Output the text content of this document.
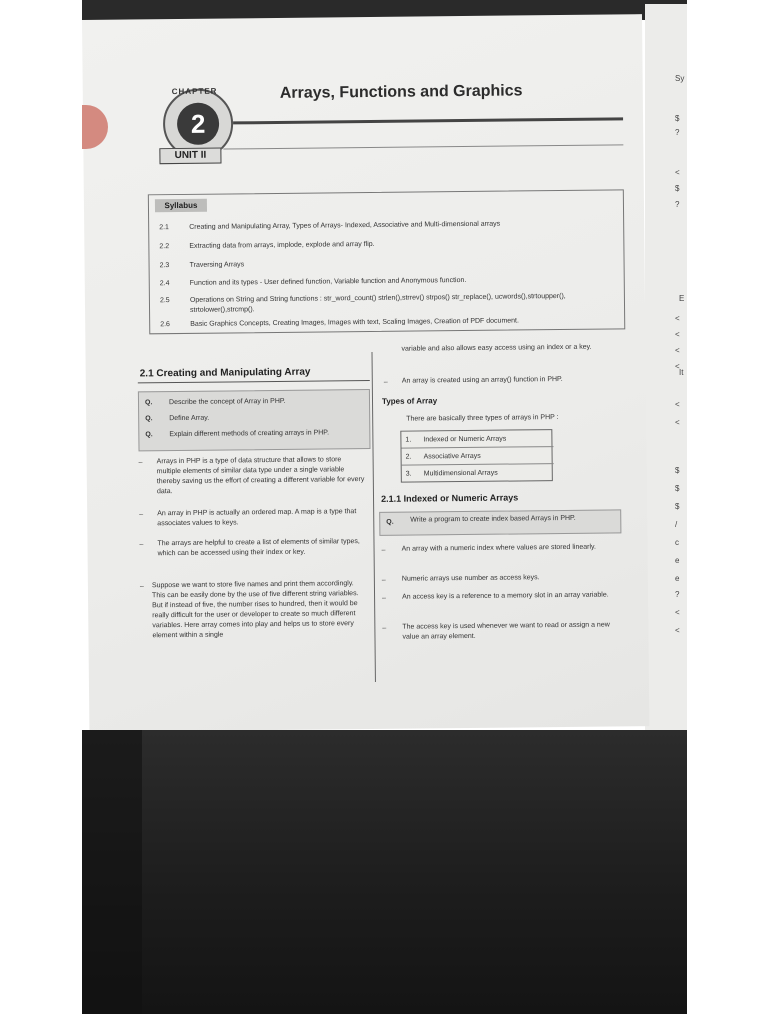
Sy
$
?
<
$
?
E
<
<
<
<
It
<
<
$
$
$
/
c
e
e
?
<
<
CHAPTER
2
UNIT II
Arrays, Functions and Graphics
Syllabus
2.1	Creating and Manipulating Array, Types of Arrays- Indexed, Associative and Multi-dimensional arrays
2.2	Extracting data from arrays, implode, explode and array flip.
2.3	Traversing Arrays
2.4	Function and its types - User defined function, Variable function and Anonymous function.
2.5	Operations on String and String functions : str_word_count() strlen(),strrev() strpos() str_replace(), ucwords(),strtoupper(), strtolower(),strcmp().
2.6	Basic Graphics Concepts, Creating Images, Images with text, Scaling Images, Creation of PDF document.
2.1 Creating and Manipulating Array
Q. Describe the concept of Array in PHP.
Q. Define Array.
Q. Explain different methods of creating arrays in PHP.
– Arrays in PHP is a type of data structure that allows to store multiple elements of similar data type under a single variable thereby saving us the effort of creating a different variable for every data.
– An array in PHP is actually an ordered map. A map is a type that associates values to keys.
– The arrays are helpful to create a list of elements of similar types, which can be accessed using their index or key.
– Suppose we want to store five names and print them accordingly. This can be easily done by the use of five different string variables. But if instead of five, the number rises to hundred, then it would be really difficult for the user or developer to create so much different variables. Here array comes into play and helps us to store every element within a single
variable and also allows easy access using an index or a key.
– An array is created using an array() function in PHP.
Types of Array
There are basically three types of arrays in PHP :
1. Indexed or Numeric Arrays
2. Associative Arrays
3. Multidimensional Arrays
2.1.1 Indexed or Numeric Arrays
Q. Write a program to create index based Arrays in PHP.
– An array with a numeric index where values are stored linearly.
– Numeric arrays use number as access keys.
– An access key is a reference to a memory slot in an array variable.
– The access key is used whenever we want to read or assign a new value an array element.
